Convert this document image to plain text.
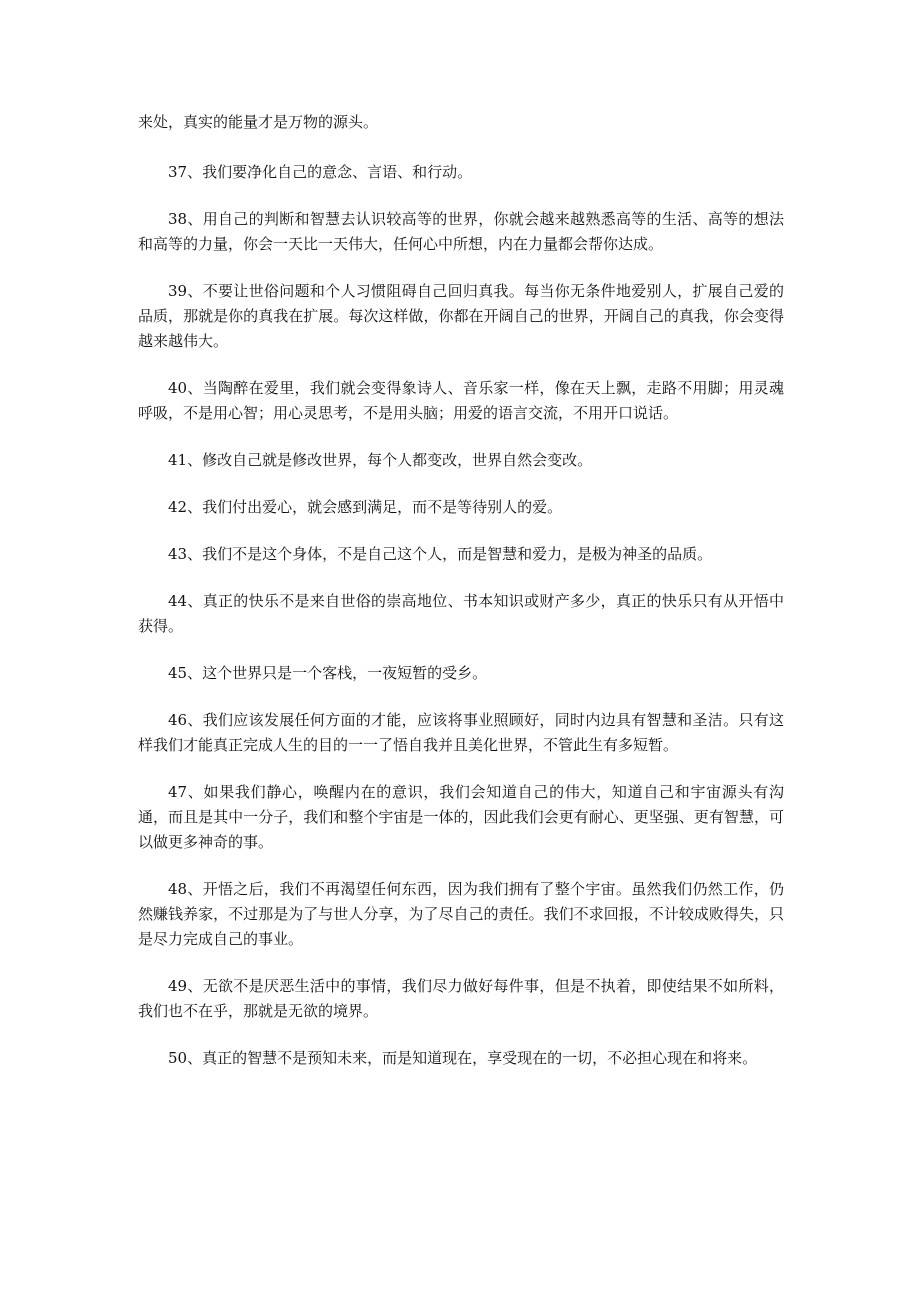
来处，真实的能量才是万物的源头。

37、我们要净化自己的意念、言语、和行动。

38、用自己的判断和智慧去认识较高等的世界，你就会越来越熟悉高等的生活、高等的想法和高等的力量，你会一天比一天伟大，任何心中所想，内在力量都会帮你达成。

39、不要让世俗问题和个人习惯阻碍自己回归真我。每当你无条件地爱别人，扩展自己爱的品质，那就是你的真我在扩展。每次这样做，你都在开阔自己的世界，开阔自己的真我，你会变得越来越伟大。

40、当陶醉在爱里，我们就会变得象诗人、音乐家一样，像在天上飘，走路不用脚；用灵魂呼吸，不是用心智；用心灵思考，不是用头脑；用爱的语言交流，不用开口说话。

41、修改自己就是修改世界，每个人都变改，世界自然会变改。

42、我们付出爱心，就会感到满足，而不是等待别人的爱。

43、我们不是这个身体，不是自己这个人，而是智慧和爱力，是极为神圣的品质。

44、真正的快乐不是来自世俗的崇高地位、书本知识或财产多少，真正的快乐只有从开悟中获得。

45、这个世界只是一个客栈，一夜短暂的受乡。

46、我们应该发展任何方面的才能，应该将事业照顾好，同时内边具有智慧和圣洁。只有这样我们才能真正完成人生的目的一一了悟自我并且美化世界，不管此生有多短暂。

47、如果我们静心，唤醒内在的意识，我们会知道自己的伟大，知道自己和宇宙源头有沟通，而且是其中一分子，我们和整个宇宙是一体的，因此我们会更有耐心、更坚强、更有智慧，可以做更多神奇的事。

48、开悟之后，我们不再渴望任何东西，因为我们拥有了整个宇宙。虽然我们仍然工作，仍然赚钱养家，不过那是为了与世人分享，为了尽自己的责任。我们不求回报，不计较成败得失，只是尽力完成自己的事业。

49、无欲不是厌恶生活中的事情，我们尽力做好每件事，但是不执着，即使结果不如所料，我们也不在乎，那就是无欲的境界。

50、真正的智慧不是预知未来，而是知道现在，享受现在的一切，不必担心现在和将来。
